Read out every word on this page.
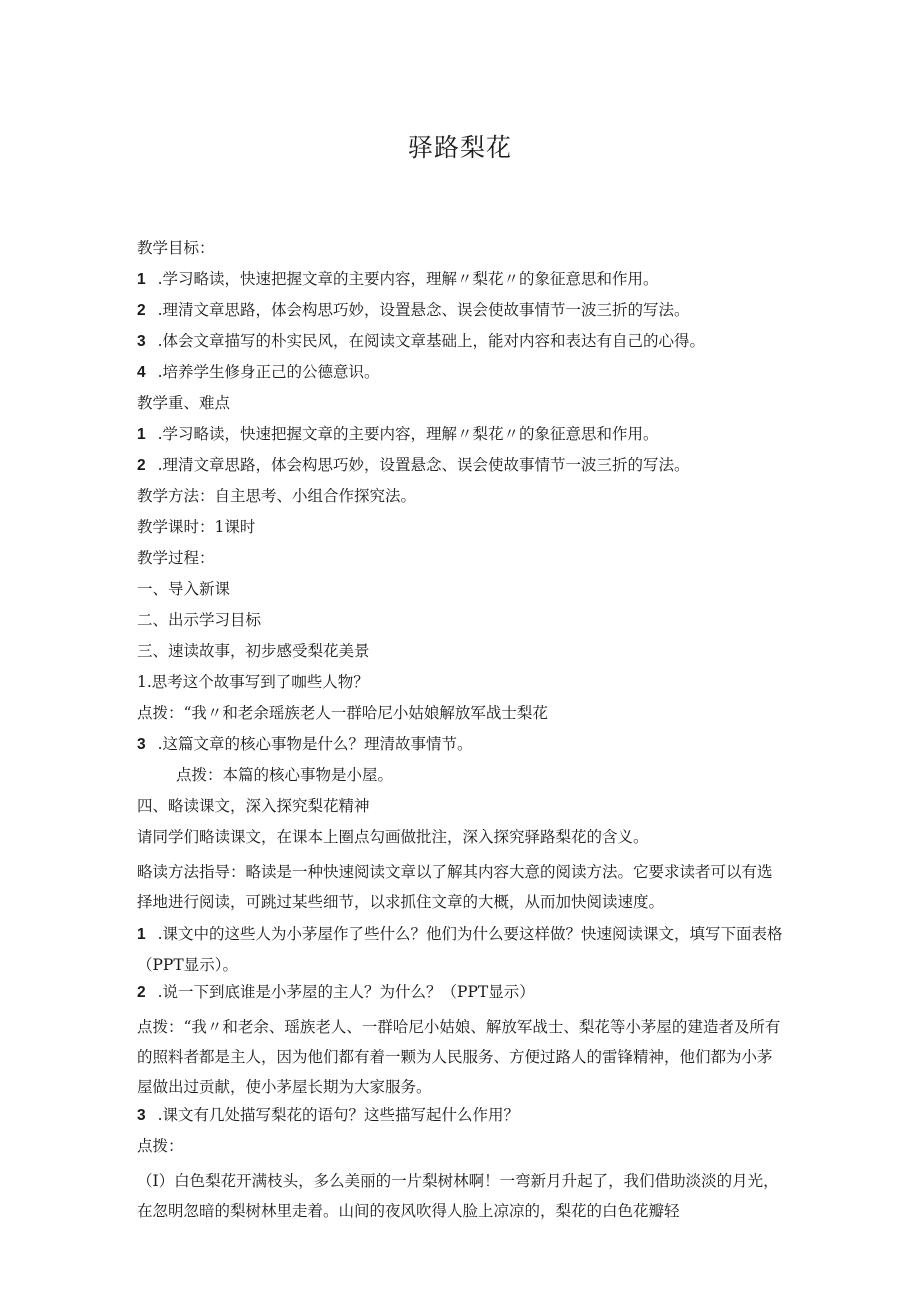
驿路梨花
教学目标：
1 .学习略读，快速把握文章的主要内容，理解〃梨花〃的象征意思和作用。
2 .理清文章思路，体会构思巧妙，设置悬念、误会使故事情节一波三折的写法。
3 .体会文章描写的朴实民风，在阅读文章基础上，能对内容和表达有自己的心得。
4 .培养学生修身正己的公德意识。
教学重、难点
1 .学习略读，快速把握文章的主要内容，理解〃梨花〃的象征意思和作用。
2 .理清文章思路，体会构思巧妙，设置悬念、误会使故事情节一波三折的写法。
教学方法：自主思考、小组合作探究法。
教学课时：1课时
教学过程：
一、导入新课
二、出示学习目标
三、速读故事，初步感受梨花美景
1.思考这个故事写到了咖些人物？
点拨：“我〃和老余瑶族老人一群哈尼小姑娘解放军战士梨花
3 .这篇文章的核心事物是什么？理清故事情节。
点拨：本篇的核心事物是小屋。
四、略读课文，深入探究梨花精神
请同学们略读课文，在课本上圈点勾画做批注，深入探究驿路梨花的含义。
略读方法指导：略读是一种快速阅读文章以了解其内容大意的阅读方法。它要求读者可以有选择地进行阅读，可跳过某些细节，以求抓住文章的大概，从而加快阅读速度。
1 .课文中的这些人为小茅屋作了些什么？他们为什么要这样做？快速阅读课文，填写下面表格（PPT显示）。
2 .说一下到底谁是小茅屋的主人？为什么？（PPT显示）
点拨：“我〃和老余、瑶族老人、一群哈尼小姑娘、解放军战士、梨花等小茅屋的建造者及所有的照料者都是主人，因为他们都有着一颗为人民服务、方便过路人的雷锋精神，他们都为小茅屋做出过贡献，使小茅屋长期为大家服务。
3 .课文有几处描写梨花的语句？这些描写起什么作用？
点拨：
（I）白色梨花开满枝头，多么美丽的一片梨树林啊！一弯新月升起了，我们借助淡淡的月光，在忽明忽暗的梨树林里走着。山间的夜风吹得人脸上凉凉的，梨花的白色花瓣轻
